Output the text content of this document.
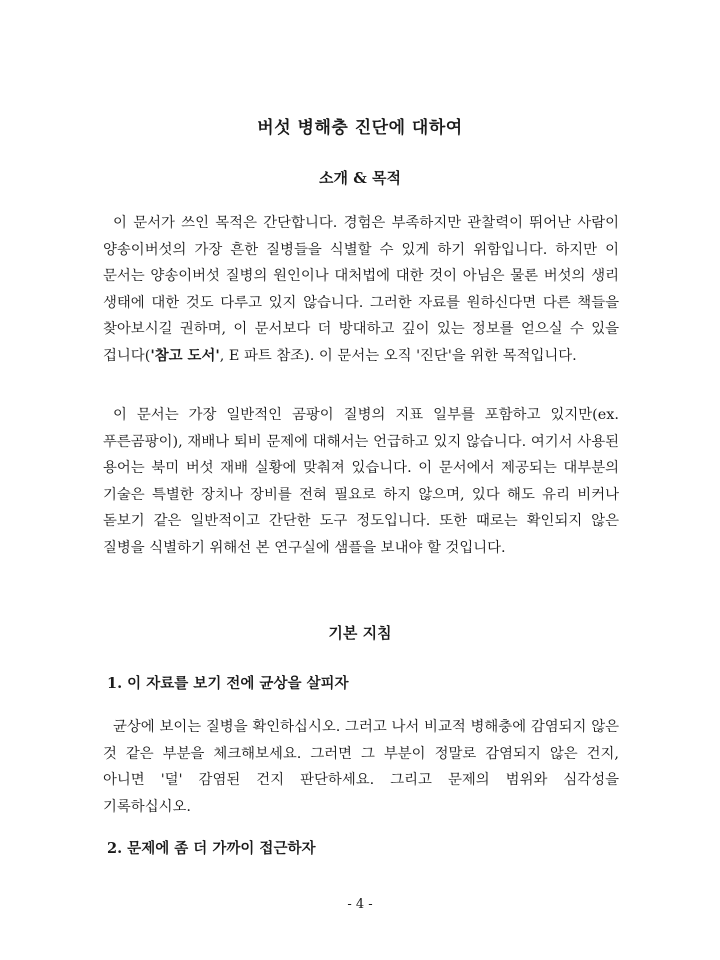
버섯 병해충 진단에 대하여
소개 & 목적

이 문서가 쓰인 목적은 간단합니다. 경험은 부족하지만 관찰력이 뛰어난 사람이 양송이버섯의 가장 흔한 질병들을 식별할 수 있게 하기 위함입니다. 하지만 이 문서는 양송이버섯 질병의 원인이나 대처법에 대한 것이 아님은 물론 버섯의 생리 생태에 대한 것도 다루고 있지 않습니다. 그러한 자료를 원하신다면 다른 책들을 찾아보시길 권하며, 이 문서보다 더 방대하고 깊이 있는 정보를 얻으실 수 있을 겁니다('참고 도서', E 파트 참조). 이 문서는 오직 '진단'을 위한 목적입니다.

이 문서는 가장 일반적인 곰팡이 질병의 지표 일부를 포함하고 있지만(ex. 푸른곰팡이), 재배나 퇴비 문제에 대해서는 언급하고 있지 않습니다. 여기서 사용된 용어는 북미 버섯 재배 실황에 맞춰져 있습니다. 이 문서에서 제공되는 대부분의 기술은 특별한 장치나 장비를 전혀 필요로 하지 않으며, 있다 해도 유리 비커나 돋보기 같은 일반적이고 간단한 도구 정도입니다. 또한 때로는 확인되지 않은 질병을 식별하기 위해선 본 연구실에 샘플을 보내야 할 것입니다.

기본 지침
1. 이 자료를 보기 전에 균상을 살피자

균상에 보이는 질병을 확인하십시오. 그러고 나서 비교적 병해충에 감염되지 않은 것 같은 부분을 체크해보세요. 그러면 그 부분이 정말로 감염되지 않은 건지, 아니면 '덜' 감염된 건지 판단하세요. 그리고 문제의 범위와 심각성을 기록하십시오.

2. 문제에 좀 더 가까이 접근하자

- 4 -
